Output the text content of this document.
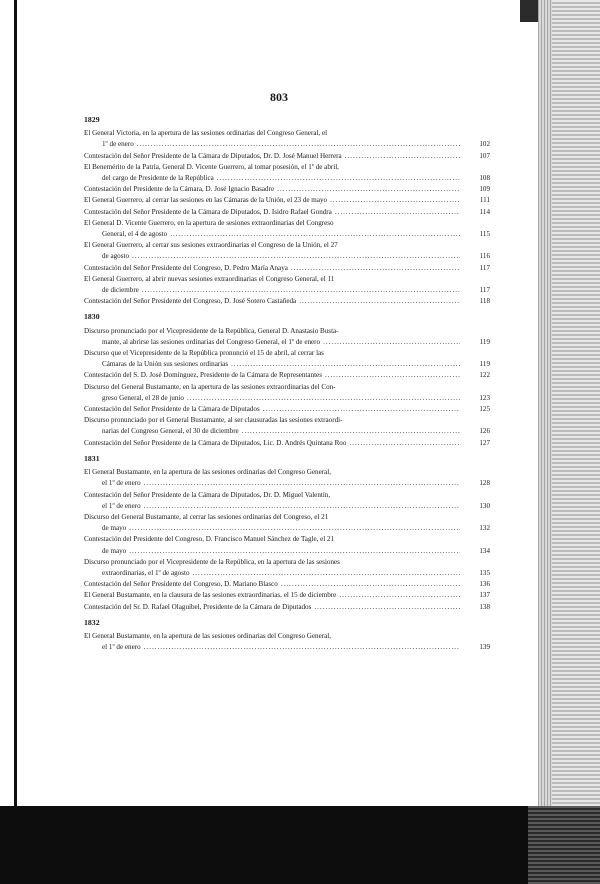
803
1829
El General Victoria, en la apertura de las sesiones ordinarias del Congreso General, el
1º de enero .....	102
Contestación del Señor Presidente de la Cámara de Diputados, Dr. D. José Manuel Herrera .....	107
El Benemérito de la Patria, General D. Vicente Guerrero, al tomar posesión, el 1º de abril,
del cargo de Presidente de la República .....	108
Contestación del Presidente de la Cámara, D. José Ignacio Basadre .....	109
El General Guerrero, al cerrar las sesiones en las Cámaras de la Unión, el 23 de mayo .....	111
Contestación del Señor Presidente de la Cámara de Diputados, D. Isidro Rafael Gondra .....	114
El General D. Vicente Guerrero, en la apertura de sesiones extraordinarias del Congreso
General, el 4 de agosto .....	115
El General Guerrero, al cerrar sus sesiones extraordinarias el Congreso de la Unión, el 27
de agosto .....	116
Contestación del Señor Presidente del Congreso, D. Pedro María Anaya .....	117
El General Guerrero, al abrir nuevas sesiones extraordinarias el Congreso General, el 11
de diciembre .....	117
Contestación del Señor Presidente del Congreso, D. José Sotero Castañeda .....	118
1830
Discurso pronunciado por el Vicepresidente de la República, General D. Anastasio Busta-
mante, al abrirse las sesiones ordinarias del Congreso General, el 1º de enero .....	119
Discurso que el Vicepresidente de la República pronunció el 15 de abril, al cerrar las
Cámaras de la Unión sus sesiones ordinarias .....	119
Contestación del S. D. José Domínguez, Presidente de la Cámara de Representantes .....	122
Discurso del General Bustamante, en la apertura de las sesiones extraordinarias del Con-
greso General, el 28 de junio .....	123
Contestación del Señor Presidente de la Cámara de Diputados .....	125
Discurso pronunciado por el General Bustamante, al ser clausuradas las sesiones extraordi-
narias del Congreso General, el 30 de diciembre .....	126
Contestación del Señor Presidente de la Cámara de Diputados, Lic. D. Andrés Quintana Roo .....	127
1831
El General Bustamante, en la apertura de las sesiones ordinarias del Congreso General,
el 1º de enero .....	128
Contestación del Señor Presidente de la Cámara de Diputados, Dr. D. Miguel Valentín,
el 1º de enero .....	130
Discurso del General Bustamante, al cerrar las sesiones ordinarias del Congreso, el 21
de mayo .....	132
Contestación del Presidente del Congreso, D. Francisco Manuel Sánchez de Tagle, el 21
de mayo .....	134
Discurso pronunciado por el Vicepresidente de la República, en la apertura de las sesiones
extraordinarias, el 1º de agosto .....	135
Contestación del Señor Presidente del Congreso, D. Mariano Blasco .....	136
El General Bustamante, en la clausura de las sesiones extraordinarias, el 15 de diciembre .....	137
Contestación del Sr. D. Rafael Olaguíbel, Presidente de la Cámara de Diputados .....	138
1832
El General Bustamante, en la apertura de las sesiones ordinarias del Congreso General,
el 1º de enero .....	139
